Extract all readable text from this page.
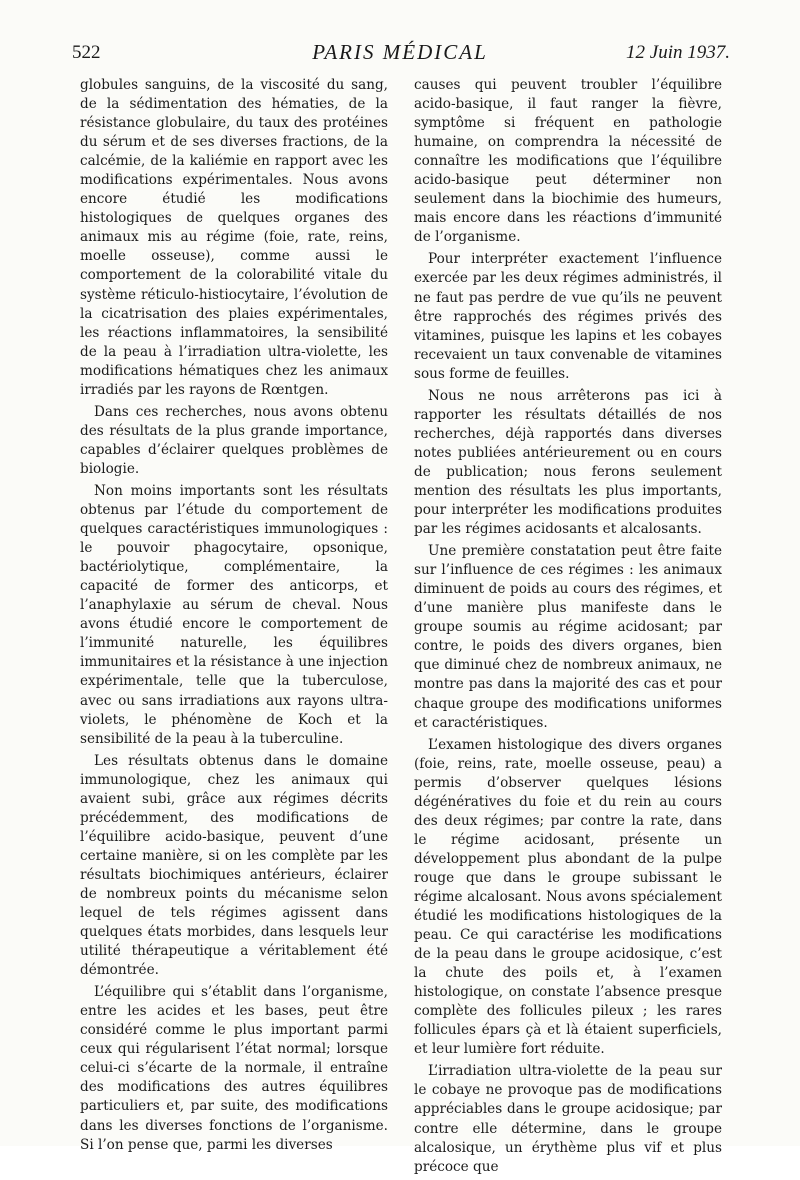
522	PARIS MÉDICAL	12 Juin 1937.

globules sanguins, de la viscosité du sang, de la sédimentation des hématies, de la résistance globulaire, du taux des protéines du sérum et de ses diverses fractions, de la calcémie, de la kaliémie en rapport avec les modifications expérimentales. Nous avons encore étudié les modifications histologiques de quelques organes des animaux mis au régime (foie, rate, reins, moelle osseuse), comme aussi le comportement de la colorabilité vitale du système réticulo-histiocytaire, l’évolution de la cicatrisation des plaies expérimentales, les réactions inflammatoires, la sensibilité de la peau à l’irradiation ultra-violette, les modifications hématiques chez les animaux irradiés par les rayons de Rœntgen.

Dans ces recherches, nous avons obtenu des résultats de la plus grande importance, capables d’éclairer quelques problèmes de biologie.

Non moins importants sont les résultats obtenus par l’étude du comportement de quelques caractéristiques immunologiques : le pouvoir phagocytaire, opsonique, bactériolytique, complémentaire, la capacité de former des anticorps, et l’anaphylaxie au sérum de cheval. Nous avons étudié encore le comportement de l’immunité naturelle, les équilibres immunitaires et la résistance à une injection expérimentale, telle que la tuberculose, avec ou sans irradiations aux rayons ultra-violets, le phénomène de Koch et la sensibilité de la peau à la tuberculine.

Les résultats obtenus dans le domaine immunologique, chez les animaux qui avaient subi, grâce aux régimes décrits précédemment, des modifications de l’équilibre acido-basique, peuvent d’une certaine manière, si on les complète par les résultats biochimiques antérieurs, éclairer de nombreux points du mécanisme selon lequel de tels régimes agissent dans quelques états morbides, dans lesquels leur utilité thérapeutique a véritablement été démontrée.

L’équilibre qui s’établit dans l’organisme, entre les acides et les bases, peut être considéré comme le plus important parmi ceux qui régularisent l’état normal; lorsque celui-ci s’écarte de la normale, il entraîne des modifications des autres équilibres particuliers et, par suite, des modifications dans les diverses fonctions de l’organisme. Si l’on pense que, parmi les diverses

causes qui peuvent troubler l’équilibre acido-basique, il faut ranger la fièvre, symptôme si fréquent en pathologie humaine, on comprendra la nécessité de connaître les modifications que l’équilibre acido-basique peut déterminer non seulement dans la biochimie des humeurs, mais encore dans les réactions d’immunité de l’organisme.

Pour interpréter exactement l’influence exercée par les deux régimes administrés, il ne faut pas perdre de vue qu’ils ne peuvent être rapprochés des régimes privés des vitamines, puisque les lapins et les cobayes recevaient un taux convenable de vitamines sous forme de feuilles.

Nous ne nous arrêterons pas ici à rapporter les résultats détaillés de nos recherches, déjà rapportés dans diverses notes publiées antérieurement ou en cours de publication; nous ferons seulement mention des résultats les plus importants, pour interpréter les modifications produites par les régimes acidosants et alcalosants.

Une première constatation peut être faite sur l’influence de ces régimes : les animaux diminuent de poids au cours des régimes, et d’une manière plus manifeste dans le groupe soumis au régime acidosant; par contre, le poids des divers organes, bien que diminué chez de nombreux animaux, ne montre pas dans la majorité des cas et pour chaque groupe des modifications uniformes et caractéristiques.

L’examen histologique des divers organes (foie, reins, rate, moelle osseuse, peau) a permis d’observer quelques lésions dégénératives du foie et du rein au cours des deux régimes; par contre la rate, dans le régime acidosant, présente un développement plus abondant de la pulpe rouge que dans le groupe subissant le régime alcalosant. Nous avons spécialement étudié les modifications histologiques de la peau. Ce qui caractérise les modifications de la peau dans le groupe acidosique, c’est la chute des poils et, à l’examen histologique, on constate l’absence presque complète des follicules pileux ; les rares follicules épars çà et là étaient superficiels, et leur lumière fort réduite.

L’irradiation ultra-violette de la peau sur le cobaye ne provoque pas de modifications appréciables dans le groupe acidosique; par contre elle détermine, dans le groupe alcalosique, un érythème plus vif et plus précoce que
